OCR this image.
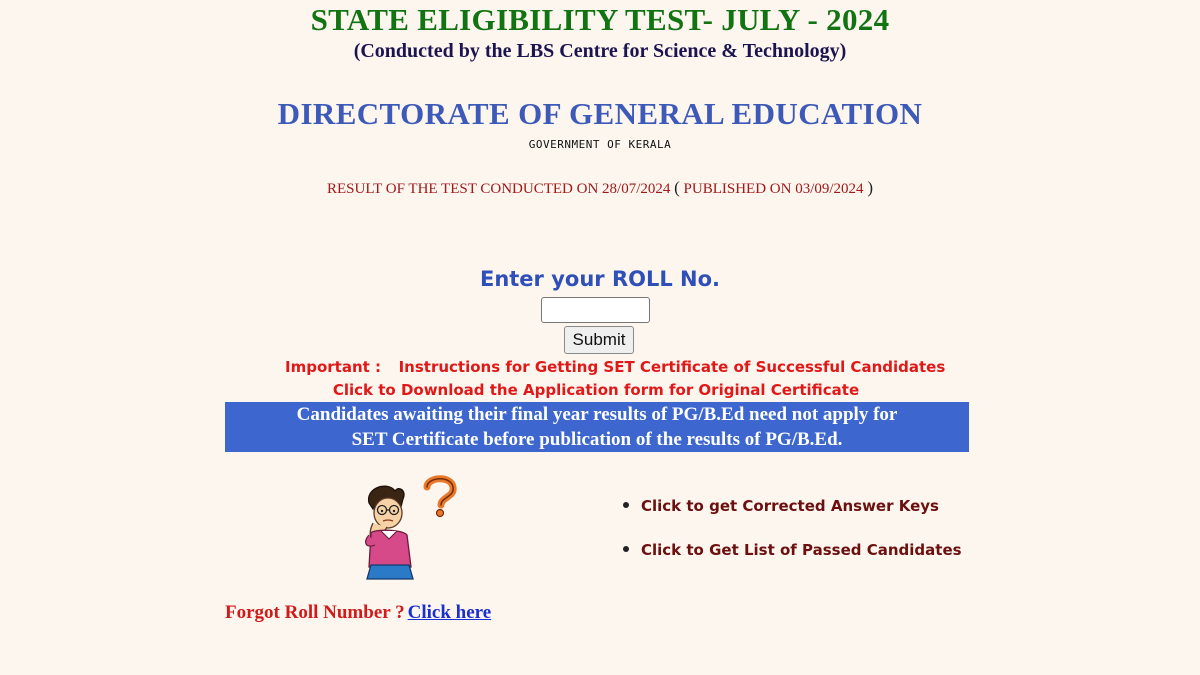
STATE ELIGIBILITY TEST- JULY - 2024
(Conducted by the LBS Centre for Science & Technology)
DIRECTORATE OF GENERAL EDUCATION
GOVERNMENT OF KERALA
RESULT OF THE TEST CONDUCTED ON 28/07/2024 ( PUBLISHED ON 03/09/2024 )
Enter your ROLL No.
Submit
Important : Instructions for Getting SET Certificate of Successful Candidates
Click to Download the Application form for Original Certificate
Candidates awaiting their final year results of PG/B.Ed need not apply for
SET Certificate before publication of the results of PG/B.Ed.
Click to get Corrected Answer Keys
Click to Get List of Passed Candidates
Forgot Roll Number ? Click here
